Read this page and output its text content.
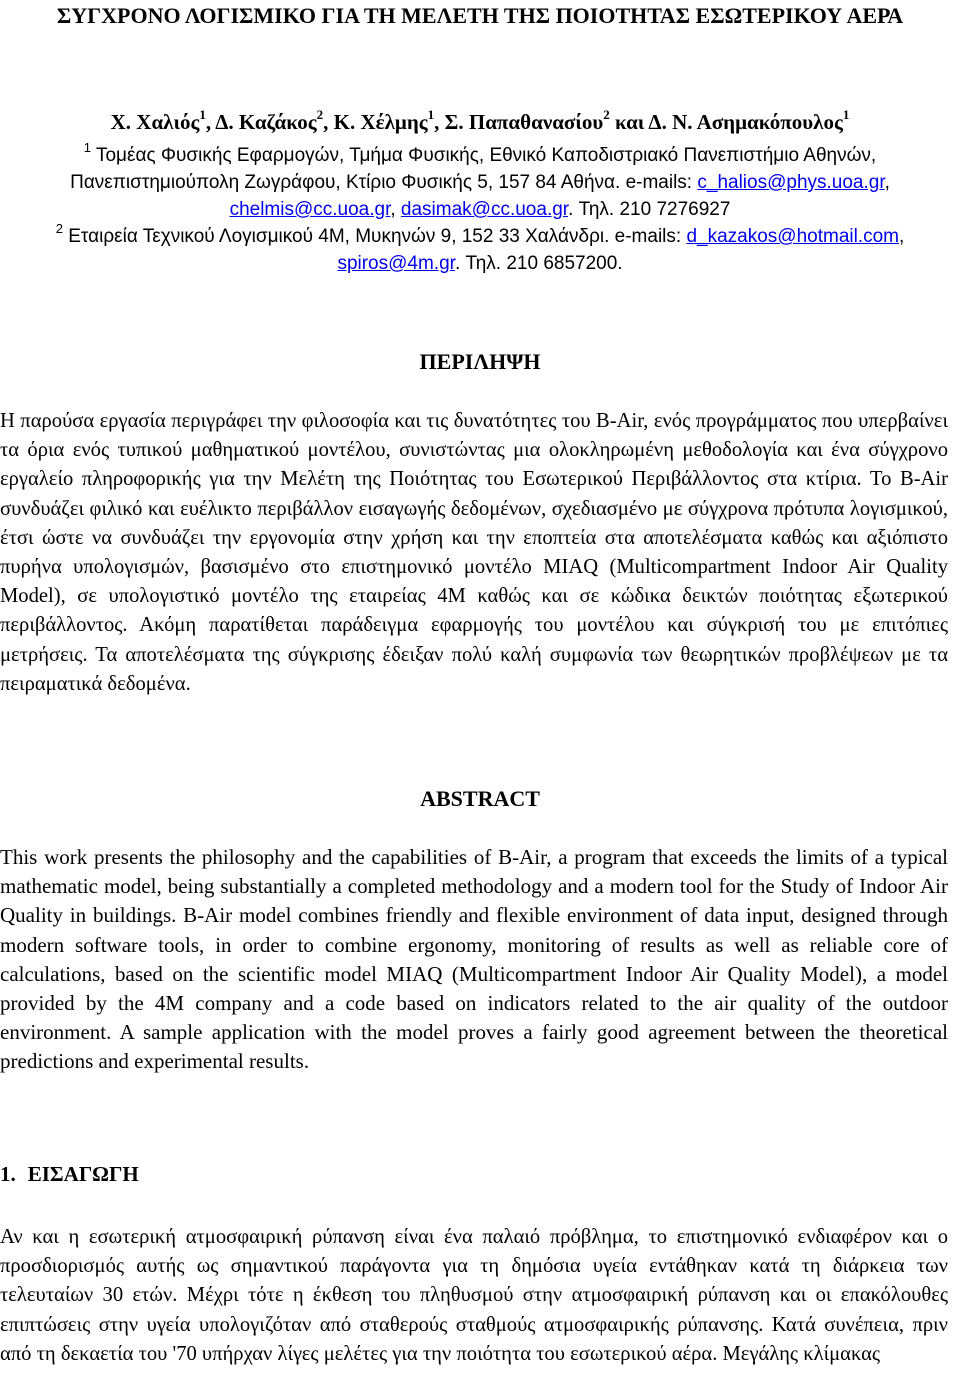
ΣΥΓΧΡΟΝΟ ΛΟΓΙΣΜΙΚΟ ΓΙΑ ΤΗ ΜΕΛΕΤΗ ΤΗΣ ΠΟΙΟΤΗΤΑΣ ΕΣΩΤΕΡΙΚΟΥ ΑΕΡΑ

Χ. Χαλιός$^1$, Δ. Καζάκος$^2$, Κ. Χέλμης$^1$, Σ. Παπαθανασίου$^2$ και Δ. Ν. Ασημακόπουλος$^1$

$^1$ Τομέας Φυσικής Εφαρμογών, Τμήμα Φυσικής, Εθνικό Καποδιστριακό Πανεπιστήμιο Αθηνών, Πανεπιστημιούπολη Ζωγράφου, Κτίριο Φυσικής 5, 157 84 Αθήνα. e-mails: c_halios@phys.uoa.gr, chelmis@cc.uoa.gr, dasimak@cc.uoa.gr. Τηλ. 210 7276927

$^2$ Εταιρεία Τεχνικού Λογισμικού 4Μ, Μυκηνών 9, 152 33 Χαλάνδρι. e-mails: d_kazakos@hotmail.com, spiros@4m.gr. Τηλ. 210 6857200.

ΠΕΡΙΛΗΨΗ

Η παρούσα εργασία περιγράφει την φιλοσοφία και τις δυνατότητες του B-Air, ενός προγράμματος που υπερβαίνει τα όρια ενός τυπικού μαθηματικού μοντέλου, συνιστώντας μια ολοκληρωμένη μεθοδολογία και ένα σύγχρονο εργαλείο πληροφορικής για την Μελέτη της Ποιότητας του Εσωτερικού Περιβάλλοντος στα κτίρια. Το B-Air συνδυάζει φιλικό και ευέλικτο περιβάλλον εισαγωγής δεδομένων, σχεδιασμένο με σύγχρονα πρότυπα λογισμικού, έτσι ώστε να συνδυάζει την εργονομία στην χρήση και την εποπτεία στα αποτελέσματα καθώς και αξιόπιστο πυρήνα υπολογισμών, βασισμένο στο επιστημονικό μοντέλο MIAQ (Multicompartment Indoor Air Quality Model), σε υπολογιστικό μοντέλο της εταιρείας 4M καθώς και σε κώδικα δεικτών ποιότητας εξωτερικού περιβάλλοντος. Ακόμη παρατίθεται παράδειγμα εφαρμογής του μοντέλου και σύγκρισή του με επιτόπιες μετρήσεις. Τα αποτελέσματα της σύγκρισης έδειξαν πολύ καλή συμφωνία των θεωρητικών προβλέψεων με τα πειραματικά δεδομένα.

ABSTRACT

This work presents the philosophy and the capabilities of B-Air, a program that exceeds the limits of a typical mathematic model, being substantially a completed methodology and a modern tool for the Study of Indoor Air Quality in buildings. B-Air model combines friendly and flexible environment of data input, designed through modern software tools, in order to combine ergonomy, monitoring of results as well as reliable core of calculations, based on the scientific model MIAQ (Multicompartment Indoor Air Quality Model), a model provided by the 4M company and a code based on indicators related to the air quality of the outdoor environment. A sample application with the model proves a fairly good agreement between the theoretical predictions and experimental results.

1. ΕΙΣΑΓΩΓΗ

Αν και η εσωτερική ατμοσφαιρική ρύπανση είναι ένα παλαιό πρόβλημα, το επιστημονικό ενδιαφέρον και ο προσδιορισμός αυτής ως σημαντικού παράγοντα για τη δημόσια υγεία εντάθηκαν κατά τη διάρκεια των τελευταίων 30 ετών. Μέχρι τότε η έκθεση του πληθυσμού στην ατμοσφαιρική ρύπανση και οι επακόλουθες επιπτώσεις στην υγεία υπολογιζόταν από σταθερούς σταθμούς ατμοσφαιρικής ρύπανσης. Κατά συνέπεια, πριν από τη δεκαετία του '70 υπήρχαν λίγες μελέτες για την ποιότητα του εσωτερικού αέρα. Μεγάλης κλίμακας
